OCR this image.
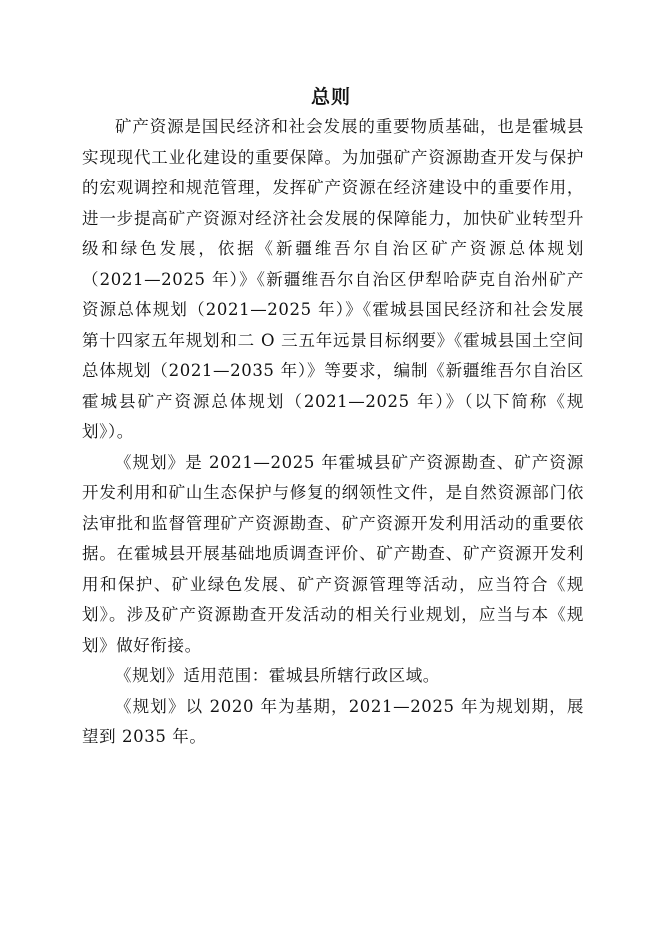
总则

矿产资源是国民经济和社会发展的重要物质基础，也是霍城县实现现代工业化建设的重要保障。为加强矿产资源勘查开发与保护的宏观调控和规范管理，发挥矿产资源在经济建设中的重要作用，进一步提高矿产资源对经济社会发展的保障能力，加快矿业转型升级和绿色发展，依据《新疆维吾尔自治区矿产资源总体规划（2021—2025 年）》《新疆维吾尔自治区伊犁哈萨克自治州矿产资源总体规划（2021—2025 年）》《霍城县国民经济和社会发展第十四家五年规划和二 O 三五年远景目标纲要》《霍城县国土空间总体规划（2021—2035 年）》等要求，编制《新疆维吾尔自治区霍城县矿产资源总体规划（2021—2025 年）》（以下简称《规划》）。

《规划》是 2021—2025 年霍城县矿产资源勘查、矿产资源开发利用和矿山生态保护与修复的纲领性文件，是自然资源部门依法审批和监督管理矿产资源勘查、矿产资源开发利用活动的重要依据。在霍城县开展基础地质调查评价、矿产勘查、矿产资源开发利用和保护、矿业绿色发展、矿产资源管理等活动，应当符合《规划》。涉及矿产资源勘查开发活动的相关行业规划，应当与本《规划》做好衔接。

《规划》适用范围：霍城县所辖行政区域。

《规划》以 2020 年为基期，2021—2025 年为规划期，展望到 2035 年。
